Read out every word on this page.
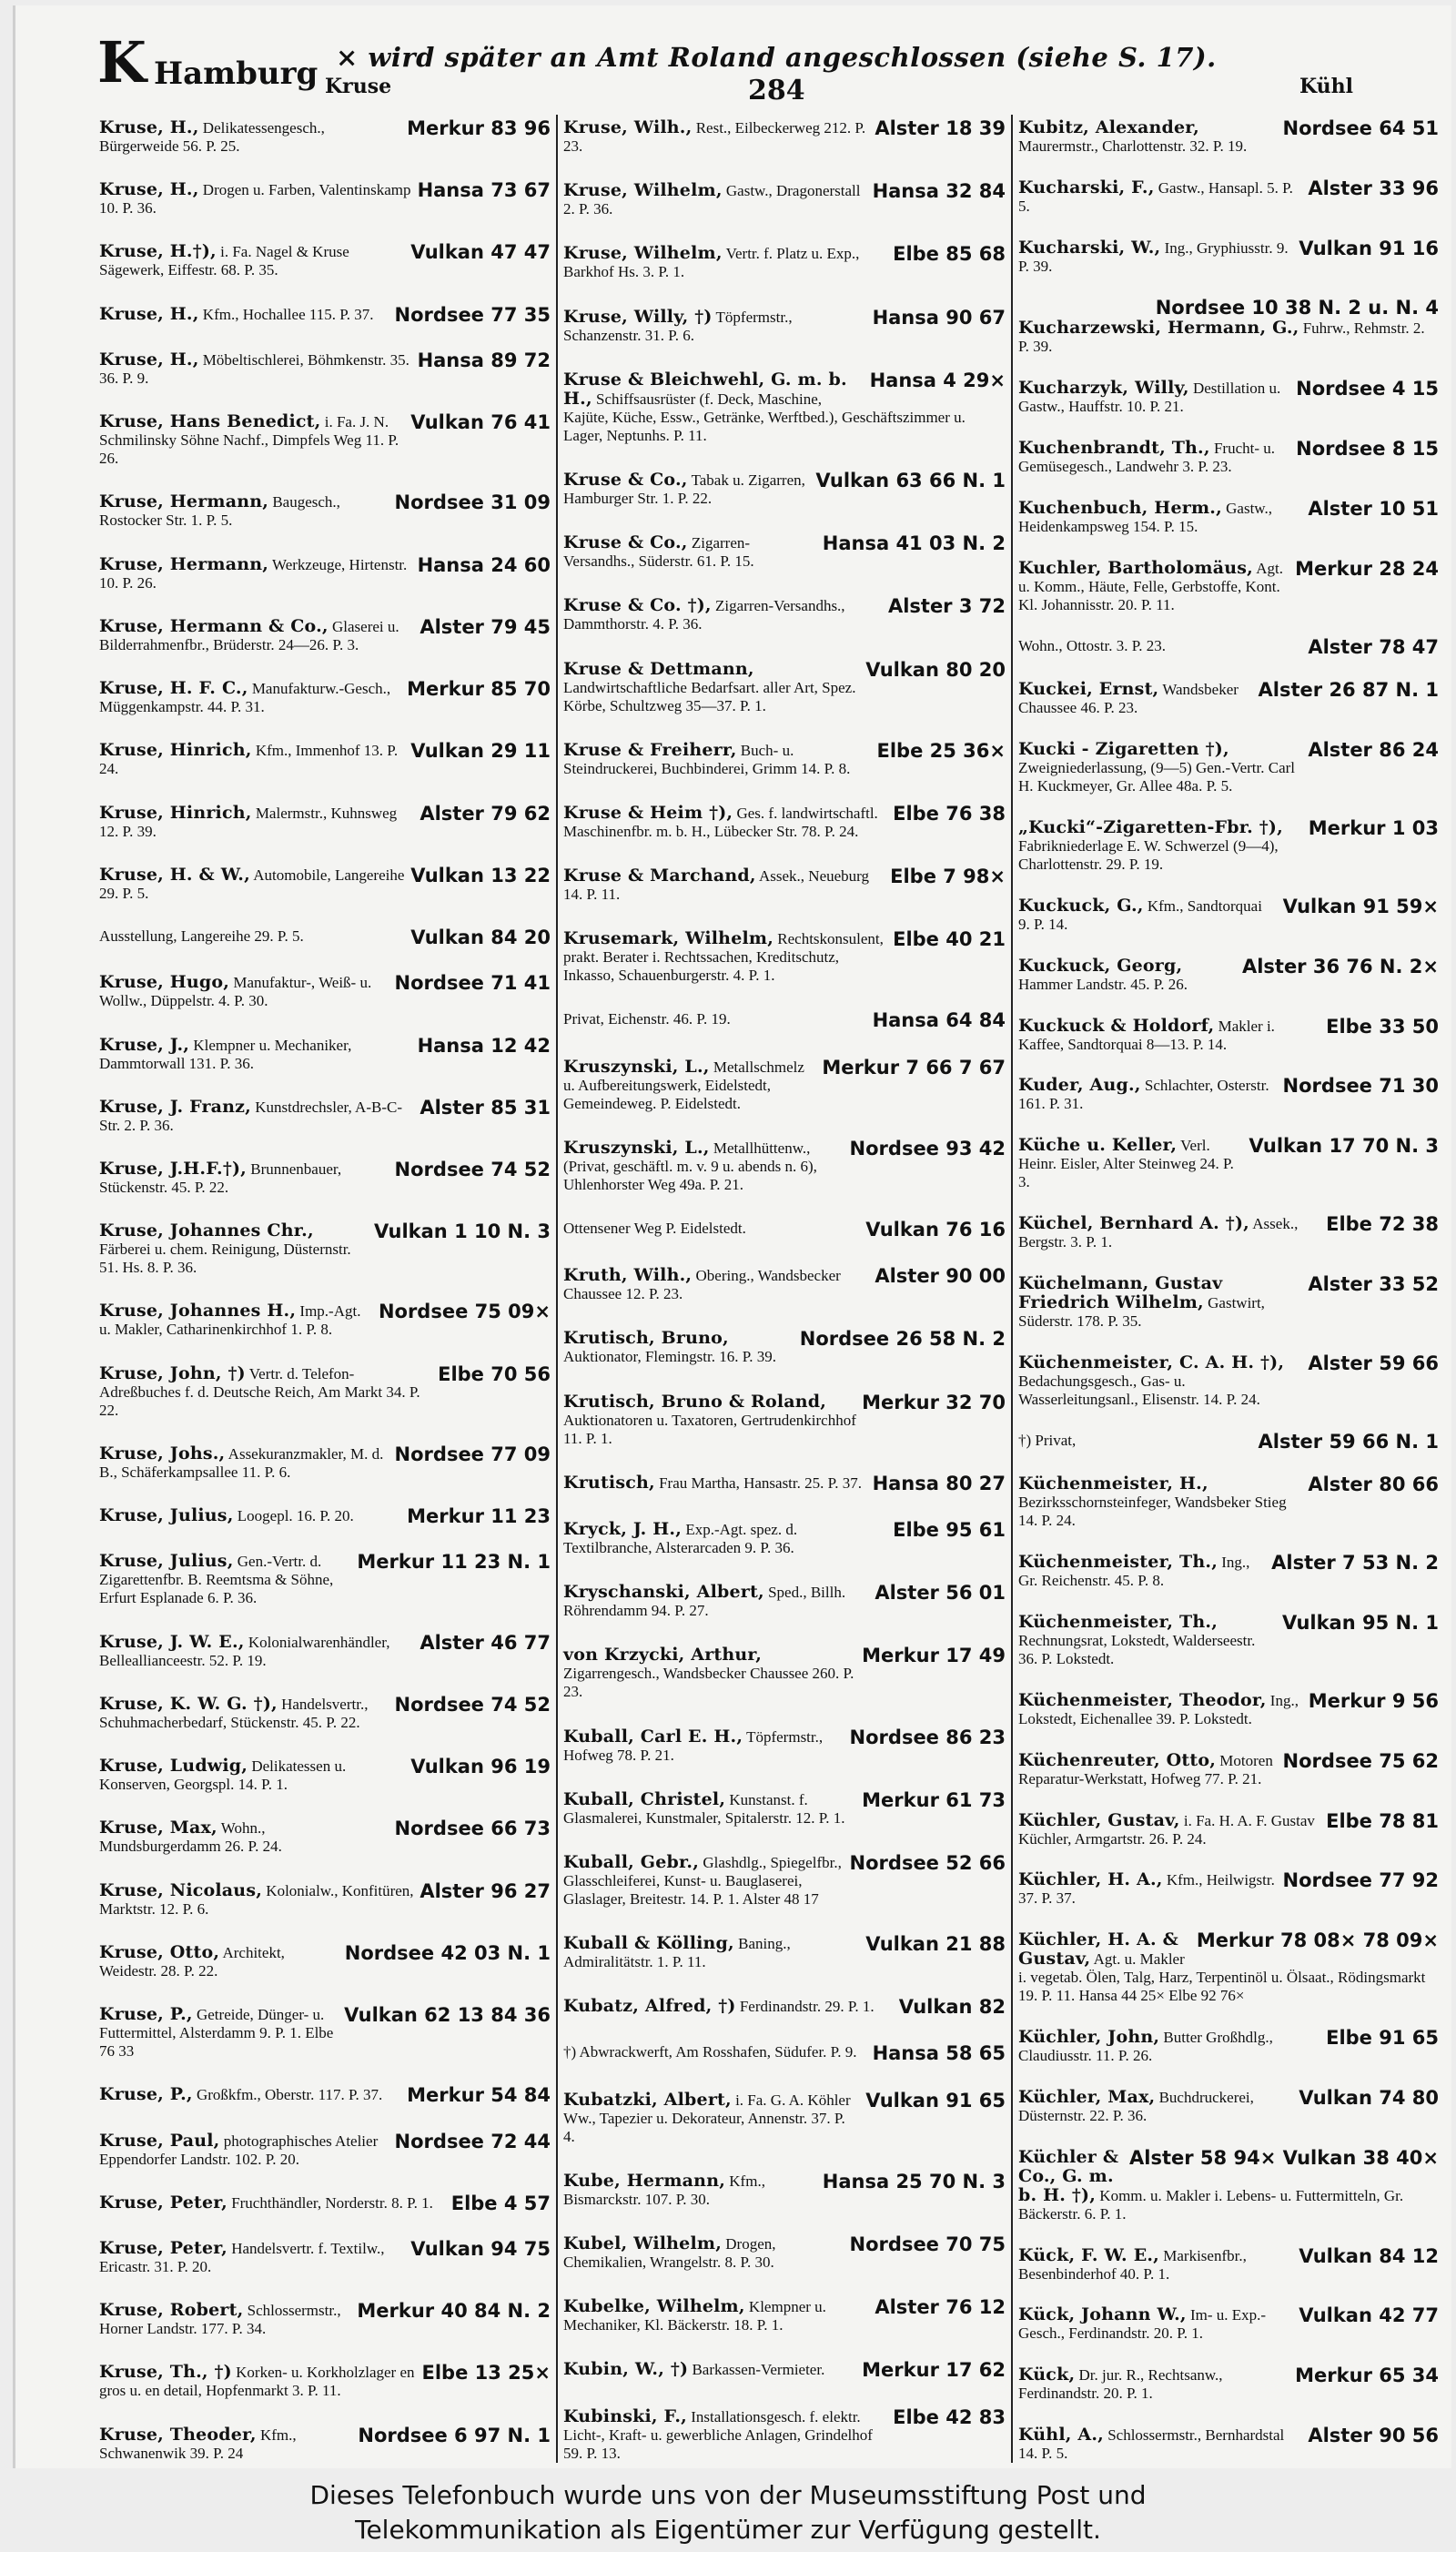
K Hamburg Kruse
× wird später an Amt Roland angeschlossen (siehe S. 17).
284	Kühl
Merkur 83 96
Kruse, H., Delikatessengesch., Bürgerweide 56. P. 25.
Hansa 73 67
Kruse, H., Drogen u. Farben, Valentinskamp 10. P. 36.
Vulkan 47 47
Kruse, H.†), i. Fa. Nagel & Kruse Sägewerk, Eiffestr. 68. P. 35.
Nordsee 77 35
Kruse, H., Kfm., Hochallee 115. P. 37.
Hansa 89 72
Kruse, H., Möbeltischlerei, Böhmkenstr. 35. 36. P. 9.
Vulkan 76 41
Kruse, Hans Benedict, i. Fa. J. N. Schmilinsky Söhne Nachf., Dimpfels Weg 11. P. 26.
Nordsee 31 09
Kruse, Hermann, Baugesch., Rostocker Str. 1. P. 5.
Hansa 24 60
Kruse, Hermann, Werkzeuge, Hirtenstr. 10. P. 26.
Alster 79 45
Kruse, Hermann & Co., Glaserei u. Bilderrahmenfbr., Brüderstr. 24—26. P. 3.
Merkur 85 70
Kruse, H. F. C., Manufakturw.-Gesch., Müggenkampstr. 44. P. 31.
Vulkan 29 11
Kruse, Hinrich, Kfm., Immenhof 13. P. 24.
Alster 79 62
Kruse, Hinrich, Malermstr., Kuhnsweg 12. P. 39.
Vulkan 13 22
Kruse, H. & W., Automobile, Langereihe 29. P. 5.
Vulkan 84 20
Ausstellung, Langereihe 29. P. 5.
Nordsee 71 41
Kruse, Hugo, Manufaktur-, Weiß- u. Wollw., Düppelstr. 4. P. 30.
Hansa 12 42
Kruse, J., Klempner u. Mechaniker, Dammtorwall 131. P. 36.
Alster 85 31
Kruse, J. Franz, Kunstdrechsler, A-B-C-Str. 2. P. 36.
Nordsee 74 52
Kruse, J.H.F.†), Brunnenbauer, Stückenstr. 45. P. 22.
Vulkan 1 10 N. 3
Kruse, Johannes Chr., Färberei u. chem. Reinigung, Düsternstr. 51. Hs. 8. P. 36.
Nordsee 75 09×
Kruse, Johannes H., Imp.-Agt. u. Makler, Catharinenkirchhof 1. P. 8.
Elbe 70 56
Kruse, John, †) Vertr. d. Telefon-Adreßbuches f. d. Deutsche Reich, Am Markt 34. P. 22.
Nordsee 77 09
Kruse, Johs., Assekuranzmakler, M. d. B., Schäferkampsallee 11. P. 6.
Merkur 11 23
Kruse, Julius, Loogepl. 16. P. 20.
Merkur 11 23 N. 1
Kruse, Julius, Gen.-Vertr. d. Zigarettenfbr. B. Reemtsma & Söhne, Erfurt Esplanade 6. P. 36.
Alster 46 77
Kruse, J. W. E., Kolonialwarenhändler, Belleallianceestr. 52. P. 19.
Nordsee 74 52
Kruse, K. W. G. †), Handelsvertr., Schuhmacherbedarf, Stückenstr. 45. P. 22.
Vulkan 96 19
Kruse, Ludwig, Delikatessen u. Konserven, Georgspl. 14. P. 1.
Nordsee 66 73
Kruse, Max, Wohn., Mundsburgerdamm 26. P. 24.
Alster 96 27
Kruse, Nicolaus, Kolonialw., Konfitüren, Marktstr. 12. P. 6.
Nordsee 42 03 N. 1
Kruse, Otto, Architekt, Weidestr. 28. P. 22.
Vulkan 62 13 84 36
Kruse, P., Getreide, Dünger- u. Futtermittel, Alsterdamm 9. P. 1. Elbe 76 33
Merkur 54 84
Kruse, P., Großkfm., Oberstr. 117. P. 37.
Nordsee 72 44
Kruse, Paul, photographisches Atelier Eppendorfer Landstr. 102. P. 20.
Elbe 4 57
Kruse, Peter, Fruchthändler, Norderstr. 8. P. 1.
Vulkan 94 75
Kruse, Peter, Handelsvertr. f. Textilw., Ericastr. 31. P. 20.
Merkur 40 84 N. 2
Kruse, Robert, Schlossermstr., Horner Landstr. 177. P. 34.
Elbe 13 25×
Kruse, Th., †) Korken- u. Korkholzlager en gros u. en detail, Hopfenmarkt 3. P. 11.
Nordsee 6 97 N. 1
Kruse, Theoder, Kfm., Schwanenwik 39. P. 24
Alster 18 39
Kruse, Wilh., Rest., Eilbeckerweg 212. P. 23.
Hansa 32 84
Kruse, Wilhelm, Gastw., Dragonerstall 2. P. 36.
Elbe 85 68
Kruse, Wilhelm, Vertr. f. Platz u. Exp., Barkhof Hs. 3. P. 1.
Hansa 90 67
Kruse, Willy, †) Töpfermstr., Schanzenstr. 31. P. 6.
Hansa 4 29×
Kruse & Bleichwehl, G. m. b. H., Schiffsausrüster (f. Deck, Maschine, Kajüte, Küche, Essw., Getränke, Werftbed.), Geschäftszimmer u. Lager, Neptunhs. P. 11.
Vulkan 63 66 N. 1
Kruse & Co., Tabak u. Zigarren, Hamburger Str. 1. P. 22.
Hansa 41 03 N. 2
Kruse & Co., Zigarren-Versandhs., Süderstr. 61. P. 15.
Alster 3 72
Kruse & Co. †), Zigarren-Versandhs., Dammthorstr. 4. P. 36.
Vulkan 80 20
Kruse & Dettmann, Landwirtschaftliche Bedarfsart. aller Art, Spez. Körbe, Schultzweg 35—37. P. 1.
Elbe 25 36×
Kruse & Freiherr, Buch- u. Steindruckerei, Buchbinderei, Grimm 14. P. 8.
Elbe 76 38
Kruse & Heim †), Ges. f. landwirtschaftl. Maschinenfbr. m. b. H., Lübecker Str. 78. P. 24.
Elbe 7 98×
Kruse & Marchand, Assek., Neueburg 14. P. 11.
Elbe 40 21
Krusemark, Wilhelm, Rechtskonsulent, prakt. Berater i. Rechtssachen, Kreditschutz, Inkasso, Schauenburgerstr. 4. P. 1.
Hansa 64 84
Privat, Eichenstr. 46. P. 19.
Merkur 7 66 7 67
Kruszynski, L., Metallschmelz u. Aufbereitungswerk, Eidelstedt, Gemeindeweg. P. Eidelstedt.
Nordsee 93 42
Kruszynski, L., Metallhüttenw., (Privat, geschäftl. m. v. 9 u. abends n. 6), Uhlenhorster Weg 49a. P. 21.
Vulkan 76 16
Ottensener Weg P. Eidelstedt.
Alster 90 00
Kruth, Wilh., Obering., Wandsbecker Chaussee 12. P. 23.
Nordsee 26 58 N. 2
Krutisch, Bruno, Auktionator, Flemingstr. 16. P. 39.
Merkur 32 70
Krutisch, Bruno & Roland, Auktionatoren u. Taxatoren, Gertrudenkirchhof 11. P. 1.
Hansa 80 27
Krutisch, Frau Martha, Hansastr. 25. P. 37.
Elbe 95 61
Kryck, J. H., Exp.-Agt. spez. d. Textilbranche, Alsterarcaden 9. P. 36.
Alster 56 01
Kryschanski, Albert, Sped., Billh. Röhrendamm 94. P. 27.
Merkur 17 49
von Krzycki, Arthur, Zigarrengesch., Wandsbecker Chaussee 260. P. 23.
Nordsee 86 23
Kuball, Carl E. H., Töpfermstr., Hofweg 78. P. 21.
Merkur 61 73
Kuball, Christel, Kunstanst. f. Glasmalerei, Kunstmaler, Spitalerstr. 12. P. 1.
Nordsee 52 66
Kuball, Gebr., Glashdlg., Spiegelfbr., Glasschleiferei, Kunst- u. Bauglaserei, Glaslager, Breitestr. 14. P. 1. Alster 48 17
Vulkan 21 88
Kuball & Kölling, Baning., Admiralitätstr. 1. P. 11.
Vulkan 82
Kubatz, Alfred, †) Ferdinandstr. 29. P. 1.
Hansa 58 65
†) Abwrackwerft, Am Rosshafen, Südufer. P. 9.
Vulkan 91 65
Kubatzki, Albert, i. Fa. G. A. Köhler Ww., Tapezier u. Dekorateur, Annenstr. 37. P. 4.
Hansa 25 70 N. 3
Kube, Hermann, Kfm., Bismarckstr. 107. P. 30.
Nordsee 70 75
Kubel, Wilhelm, Drogen, Chemikalien, Wrangelstr. 8. P. 30.
Alster 76 12
Kubelke, Wilhelm, Klempner u. Mechaniker, Kl. Bäckerstr. 18. P. 1.
Merkur 17 62
Kubin, W., †) Barkassen-Vermieter.
Elbe 42 83
Kubinski, F., Installationsgesch. f. elektr. Licht-, Kraft- u. gewerbliche Anlagen, Grindelhof 59. P. 13.
Nordsee 64 51
Kubitz, Alexander, Maurermstr., Charlottenstr. 32. P. 19.
Alster 33 96
Kucharski, F., Gastw., Hansapl. 5. P. 5.
Vulkan 91 16
Kucharski, W., Ing., Gryphiusstr. 9. P. 39.
Nordsee 10 38 N. 2 u. N. 4
Kucharzewski, Hermann, G., Fuhrw., Rehmstr. 2. P. 39.
Nordsee 4 15
Kucharzyk, Willy, Destillation u. Gastw., Hauffstr. 10. P. 21.
Nordsee 8 15
Kuchenbrandt, Th., Frucht- u. Gemüsegesch., Landwehr 3. P. 23.
Alster 10 51
Kuchenbuch, Herm., Gastw., Heidenkampsweg 154. P. 15.
Merkur 28 24
Kuchler, Bartholomäus, Agt. u. Komm., Häute, Felle, Gerbstoffe, Kont. Kl. Johannisstr. 20. P. 11.
Alster 78 47
Wohn., Ottostr. 3. P. 23.
Alster 26 87 N. 1
Kuckei, Ernst, Wandsbeker Chaussee 46. P. 23.
Alster 86 24
Kucki - Zigaretten †), Zweigniederlassung, (9—5) Gen.-Vertr. Carl H. Kuckmeyer, Gr. Allee 48a. P. 5.
Merkur 1 03
„Kucki“-Zigaretten-Fbr. †), Fabrikniederlage E. W. Schwerzel (9—4), Charlottenstr. 29. P. 19.
Vulkan 91 59×
Kuckuck, G., Kfm., Sandtorquai 9. P. 14.
Alster 36 76 N. 2×
Kuckuck, Georg, Hammer Landstr. 45. P. 26.
Elbe 33 50
Kuckuck & Holdorf, Makler i. Kaffee, Sandtorquai 8—13. P. 14.
Nordsee 71 30
Kuder, Aug., Schlachter, Osterstr. 161. P. 31.
Vulkan 17 70 N. 3
Küche u. Keller, Verl. Heinr. Eisler, Alter Steinweg 24. P. 3.
Elbe 72 38
Küchel, Bernhard A. †), Assek., Bergstr. 3. P. 1.
Alster 33 52
Küchelmann, Gustav Friedrich Wilhelm, Gastwirt, Süderstr. 178. P. 35.
Alster 59 66
Küchenmeister, C. A. H. †), Bedachungsgesch., Gas- u. Wasserleitungsanl., Elisenstr. 14. P. 24.
Alster 59 66 N. 1
†) Privat,
Alster 80 66
Küchenmeister, H., Bezirksschornsteinfeger, Wandsbeker Stieg 14. P. 24.
Alster 7 53 N. 2
Küchenmeister, Th., Ing., Gr. Reichenstr. 45. P. 8.
Vulkan 95 N. 1
Küchenmeister, Th., Rechnungsrat, Lokstedt, Walderseestr. 36. P. Lokstedt.
Merkur 9 56
Küchenmeister, Theodor, Ing., Lokstedt, Eichenallee 39. P. Lokstedt.
Nordsee 75 62
Küchenreuter, Otto, Motoren Reparatur-Werkstatt, Hofweg 77. P. 21.
Elbe 78 81
Küchler, Gustav, i. Fa. H. A. F. Gustav Küchler, Armgartstr. 26. P. 24.
Nordsee 77 92
Küchler, H. A., Kfm., Heilwigstr. 37. P. 37.
Merkur 78 08× 78 09×
Küchler, H. A. & Gustav, Agt. u. Makler i. vegetab. Ölen, Talg, Harz, Terpentinöl u. Ölsaat., Rödingsmarkt 19. P. 11. Hansa 44 25× Elbe 92 76×
Elbe 91 65
Küchler, John, Butter Großhdlg., Claudiusstr. 11. P. 26.
Vulkan 74 80
Küchler, Max, Buchdruckerei, Düsternstr. 22. P. 36.
Alster 58 94× Vulkan 38 40×
Küchler & Co., G. m. b. H. †), Komm. u. Makler i. Lebens- u. Futtermitteln, Gr. Bäckerstr. 6. P. 1.
Vulkan 84 12
Kück, F. W. E., Markisenfbr., Besenbinderhof 40. P. 1.
Vulkan 42 77
Kück, Johann W., Im- u. Exp.-Gesch., Ferdinandstr. 20. P. 1.
Merkur 65 34
Kück, Dr. jur. R., Rechtsanw., Ferdinandstr. 20. P. 1.
Alster 90 56
Kühl, A., Schlossermstr., Bernhardstal 14. P. 5.
Dieses Telefonbuch wurde uns von der Museumsstiftung Post und
Telekommunikation als Eigentümer zur Verfügung gestellt.
